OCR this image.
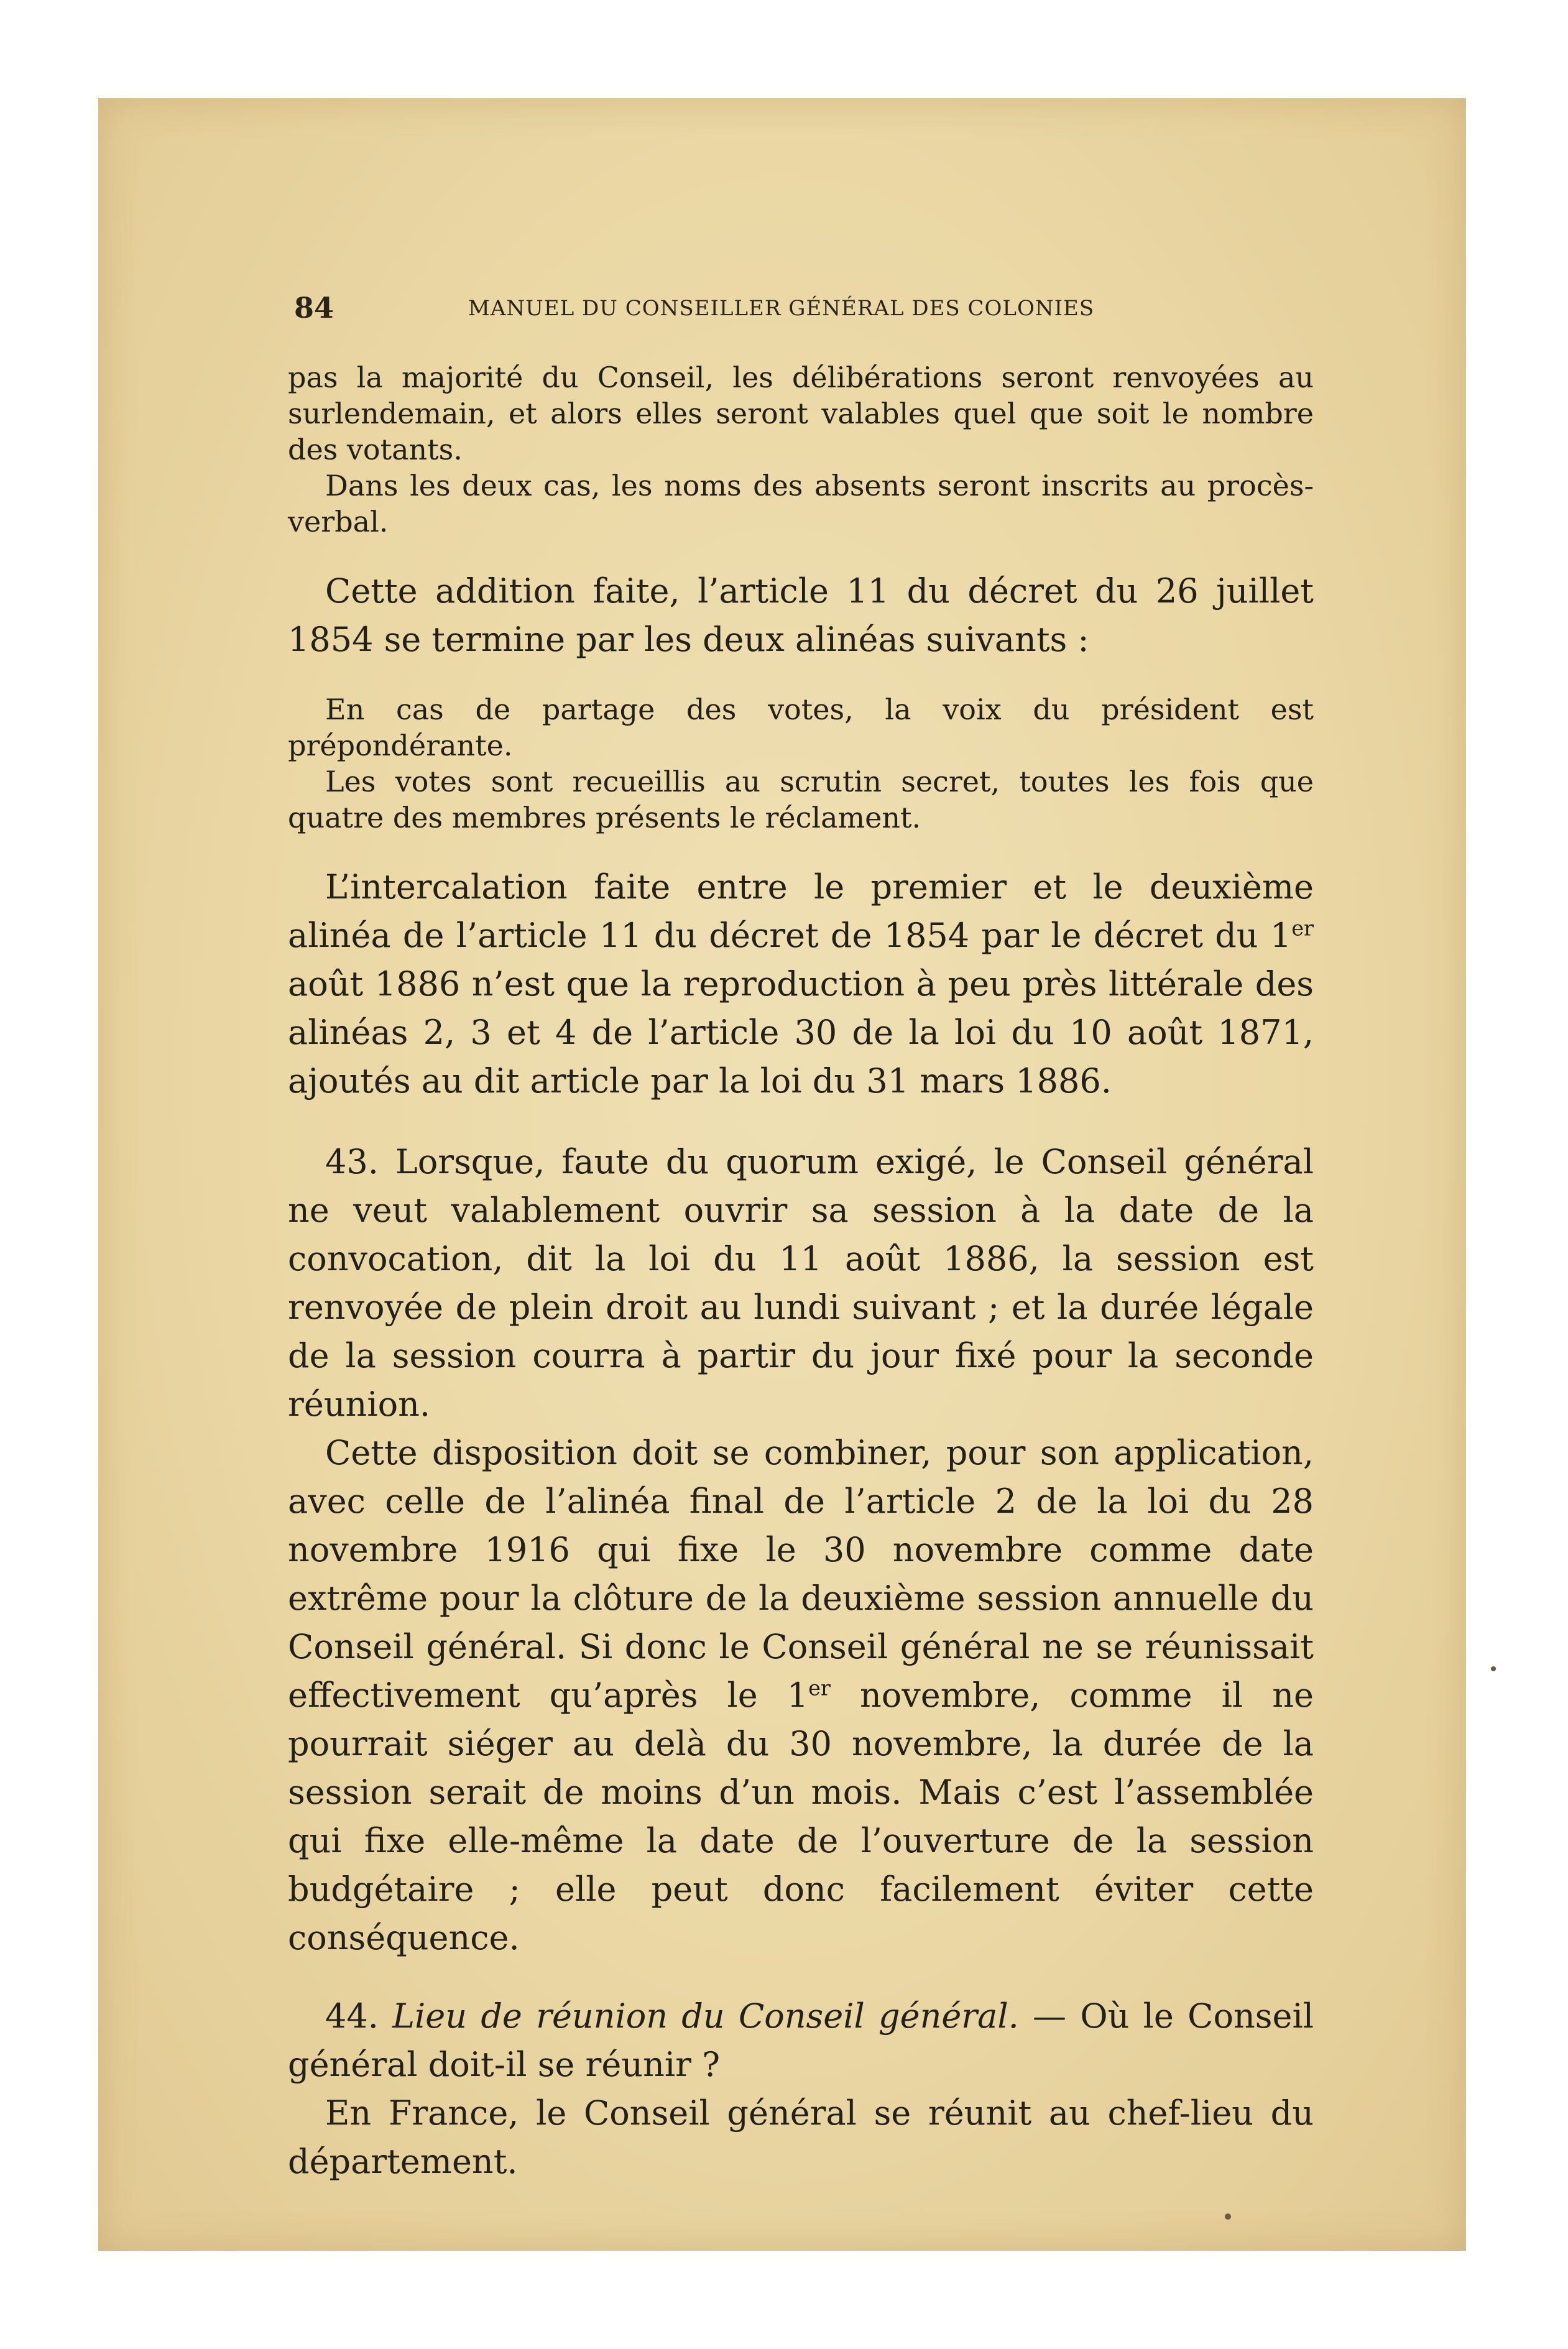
84	MANUEL DU CONSEILLER GÉNÉRAL DES COLONIES

pas la majorité du Conseil, les délibérations seront renvoyées au surlendemain, et alors elles seront valables quel que soit le nombre des votants.

Dans les deux cas, les noms des absents seront inscrits au procès-verbal.

Cette addition faite, l’article 11 du décret du 26 juillet 1854 se termine par les deux alinéas suivants :

En cas de partage des votes, la voix du président est prépondérante.

Les votes sont recueillis au scrutin secret, toutes les fois que quatre des membres présents le réclament.

L’intercalation faite entre le premier et le deuxième alinéa de l’article 11 du décret de 1854 par le décret du 1er août 1886 n’est que la reproduction à peu près littérale des alinéas 2, 3 et 4 de l’article 30 de la loi du 10 août 1871, ajoutés au dit article par la loi du 31 mars 1886.

43. Lorsque, faute du quorum exigé, le Conseil général ne veut valablement ouvrir sa session à la date de la convocation, dit la loi du 11 août 1886, la session est renvoyée de plein droit au lundi suivant ; et la durée légale de la session courra à partir du jour fixé pour la seconde réunion.

Cette disposition doit se combiner, pour son application, avec celle de l’alinéa final de l’article 2 de la loi du 28 novembre 1916 qui fixe le 30 novembre comme date extrême pour la clôture de la deuxième session annuelle du Conseil général. Si donc le Conseil général ne se réunissait effectivement qu’après le 1er novembre, comme il ne pourrait siéger au delà du 30 novembre, la durée de la session serait de moins d’un mois. Mais c’est l’assemblée qui fixe elle-même la date de l’ouverture de la session budgétaire ; elle peut donc facilement éviter cette conséquence.

44. Lieu de réunion du Conseil général. — Où le Conseil général doit-il se réunir ?

En France, le Conseil général se réunit au chef-lieu du département.
